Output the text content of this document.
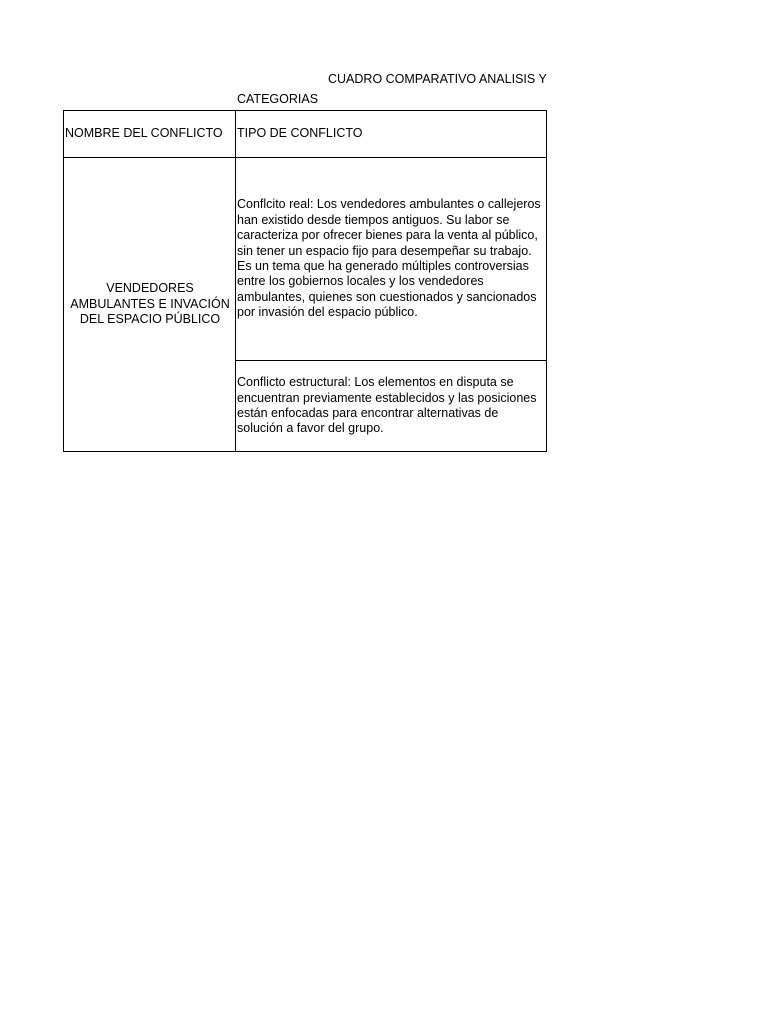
CUADRO COMPARATIVO ANALISIS Y
CATEGORIAS
NOMBRE DEL CONFLICTO	TIPO DE CONFLICTO
VENDEDORES AMBULANTES E INVACIÓN DEL ESPACIO PÚBLICO	Conflcito real: Los vendedores ambulantes o callejeros han existido desde tiempos antiguos. Su labor se caracteriza por ofrecer bienes para la venta al público, sin tener un espacio fijo para desempeñar su trabajo. Es un tema que ha generado múltiples controversias entre los gobiernos locales y los vendedores ambulantes, quienes son cuestionados y sancionados por invasión del espacio público.
	Conflicto estructural: Los elementos en disputa se encuentran previamente establecidos y las posiciones están enfocadas para encontrar alternativas de solución a favor del grupo.
